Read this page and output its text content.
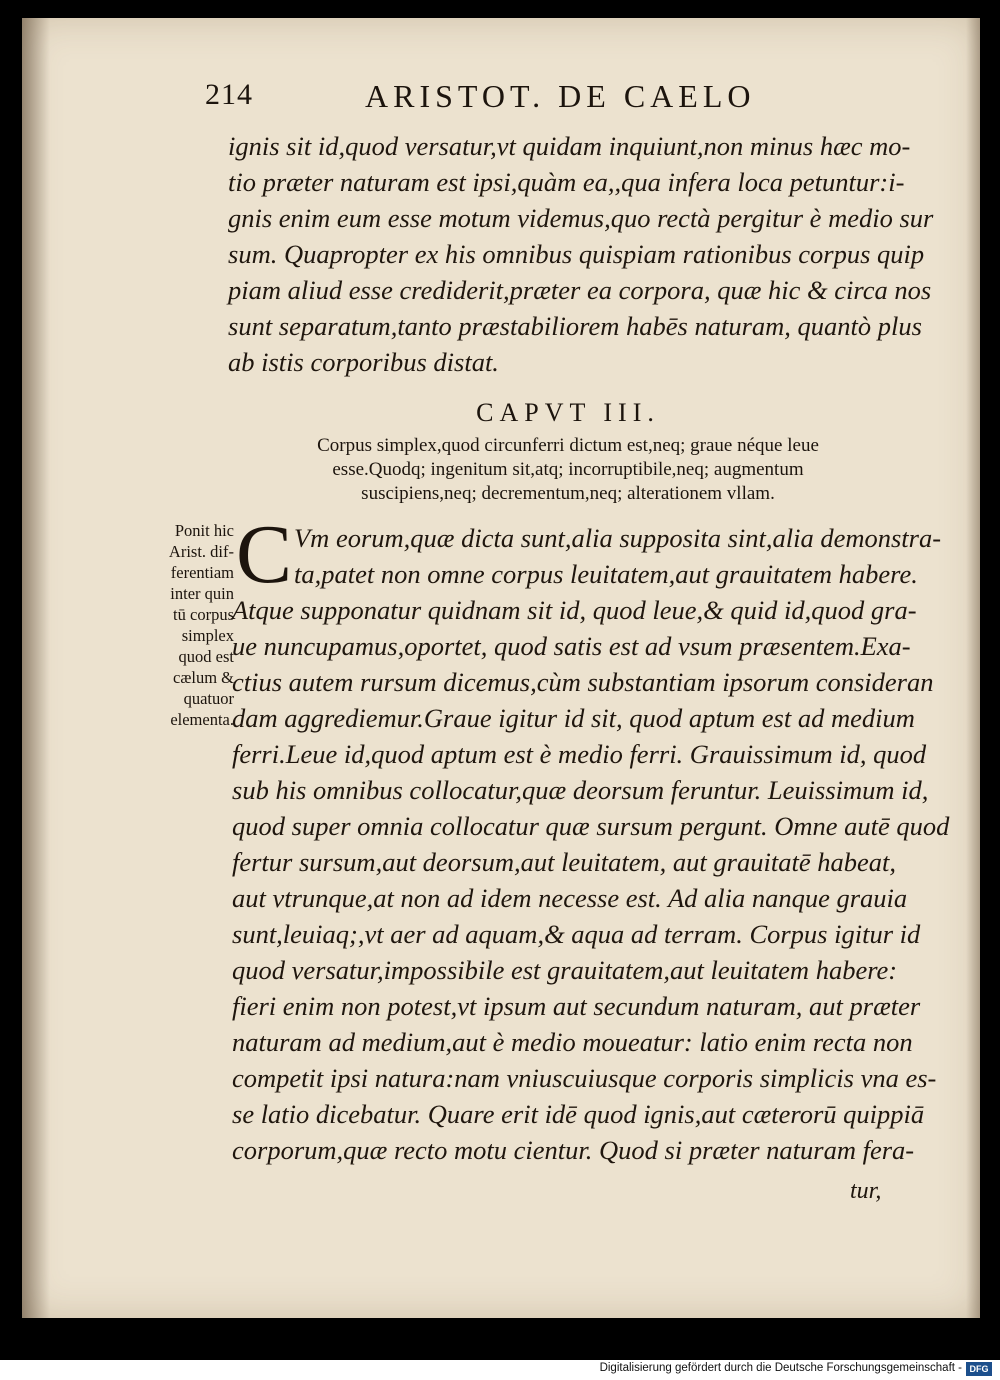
214	ARISTOT. DE CAELO
ignis sit id,quod versatur,vt quidam inquiunt,non minus hæc mo-
tio præter naturam est ipsi,quàm ea,,qua infera loca petuntur:i-
gnis enim eum esse motum videmus,quo rectà pergitur è medio sur
sum. Quapropter ex his omnibus quispiam rationibus corpus quip
piam aliud esse crediderit,præter ea corpora, quæ hic & circa nos
sunt separatum,tanto præstabiliorem habēs naturam, quantò plus
ab istis corporibus distat.
CAPVT III.
Corpus simplex,quod circunferri dictum est,neq; graue néque leue
esse.Quodq; ingenitum sit,atq; incorruptibile,neq; augmentum
suscipiens,neq; decrementum,neq; alterationem vllam.
Ponit hic
Arist. dif-
ferentiam
inter quin
tū corpus
simplex
quod est
cælum &
quatuor
elementa.
C Vm eorum,quæ dicta sunt,alia supposita sint,alia demonstra-
ta,patet non omne corpus leuitatem,aut grauitatem habere.
Atque supponatur quidnam sit id, quod leue,& quid id,quod gra-
ue nuncupamus,oportet, quod satis est ad vsum præsentem.Exa-
ctius autem rursum dicemus,cùm substantiam ipsorum consideran
dam aggrediemur.Graue igitur id sit, quod aptum est ad medium
ferri.Leue id,quod aptum est è medio ferri. Grauissimum id, quod
sub his omnibus collocatur,quæ deorsum feruntur. Leuissimum id,
quod super omnia collocatur quæ sursum pergunt. Omne autē quod
fertur sursum,aut deorsum,aut leuitatem, aut grauitatē habeat,
aut vtrunque,at non ad idem necesse est. Ad alia nanque grauia
sunt,leuiaq;,vt aer ad aquam,& aqua ad terram. Corpus igitur id
quod versatur,impossibile est grauitatem,aut leuitatem habere:
fieri enim non potest,vt ipsum aut secundum naturam, aut præter
naturam ad medium,aut è medio moueatur: latio enim recta non
competit ipsi natura:nam vniuscuiusque corporis simplicis vna es-
se latio dicebatur. Quare erit idē quod ignis,aut cæterorū quippiā
corporum,quæ recto motu cientur. Quod si præter naturam fera-
tur,
Digitalisierung gefördert durch die Deutsche Forschungsgemeinschaft - DFG
